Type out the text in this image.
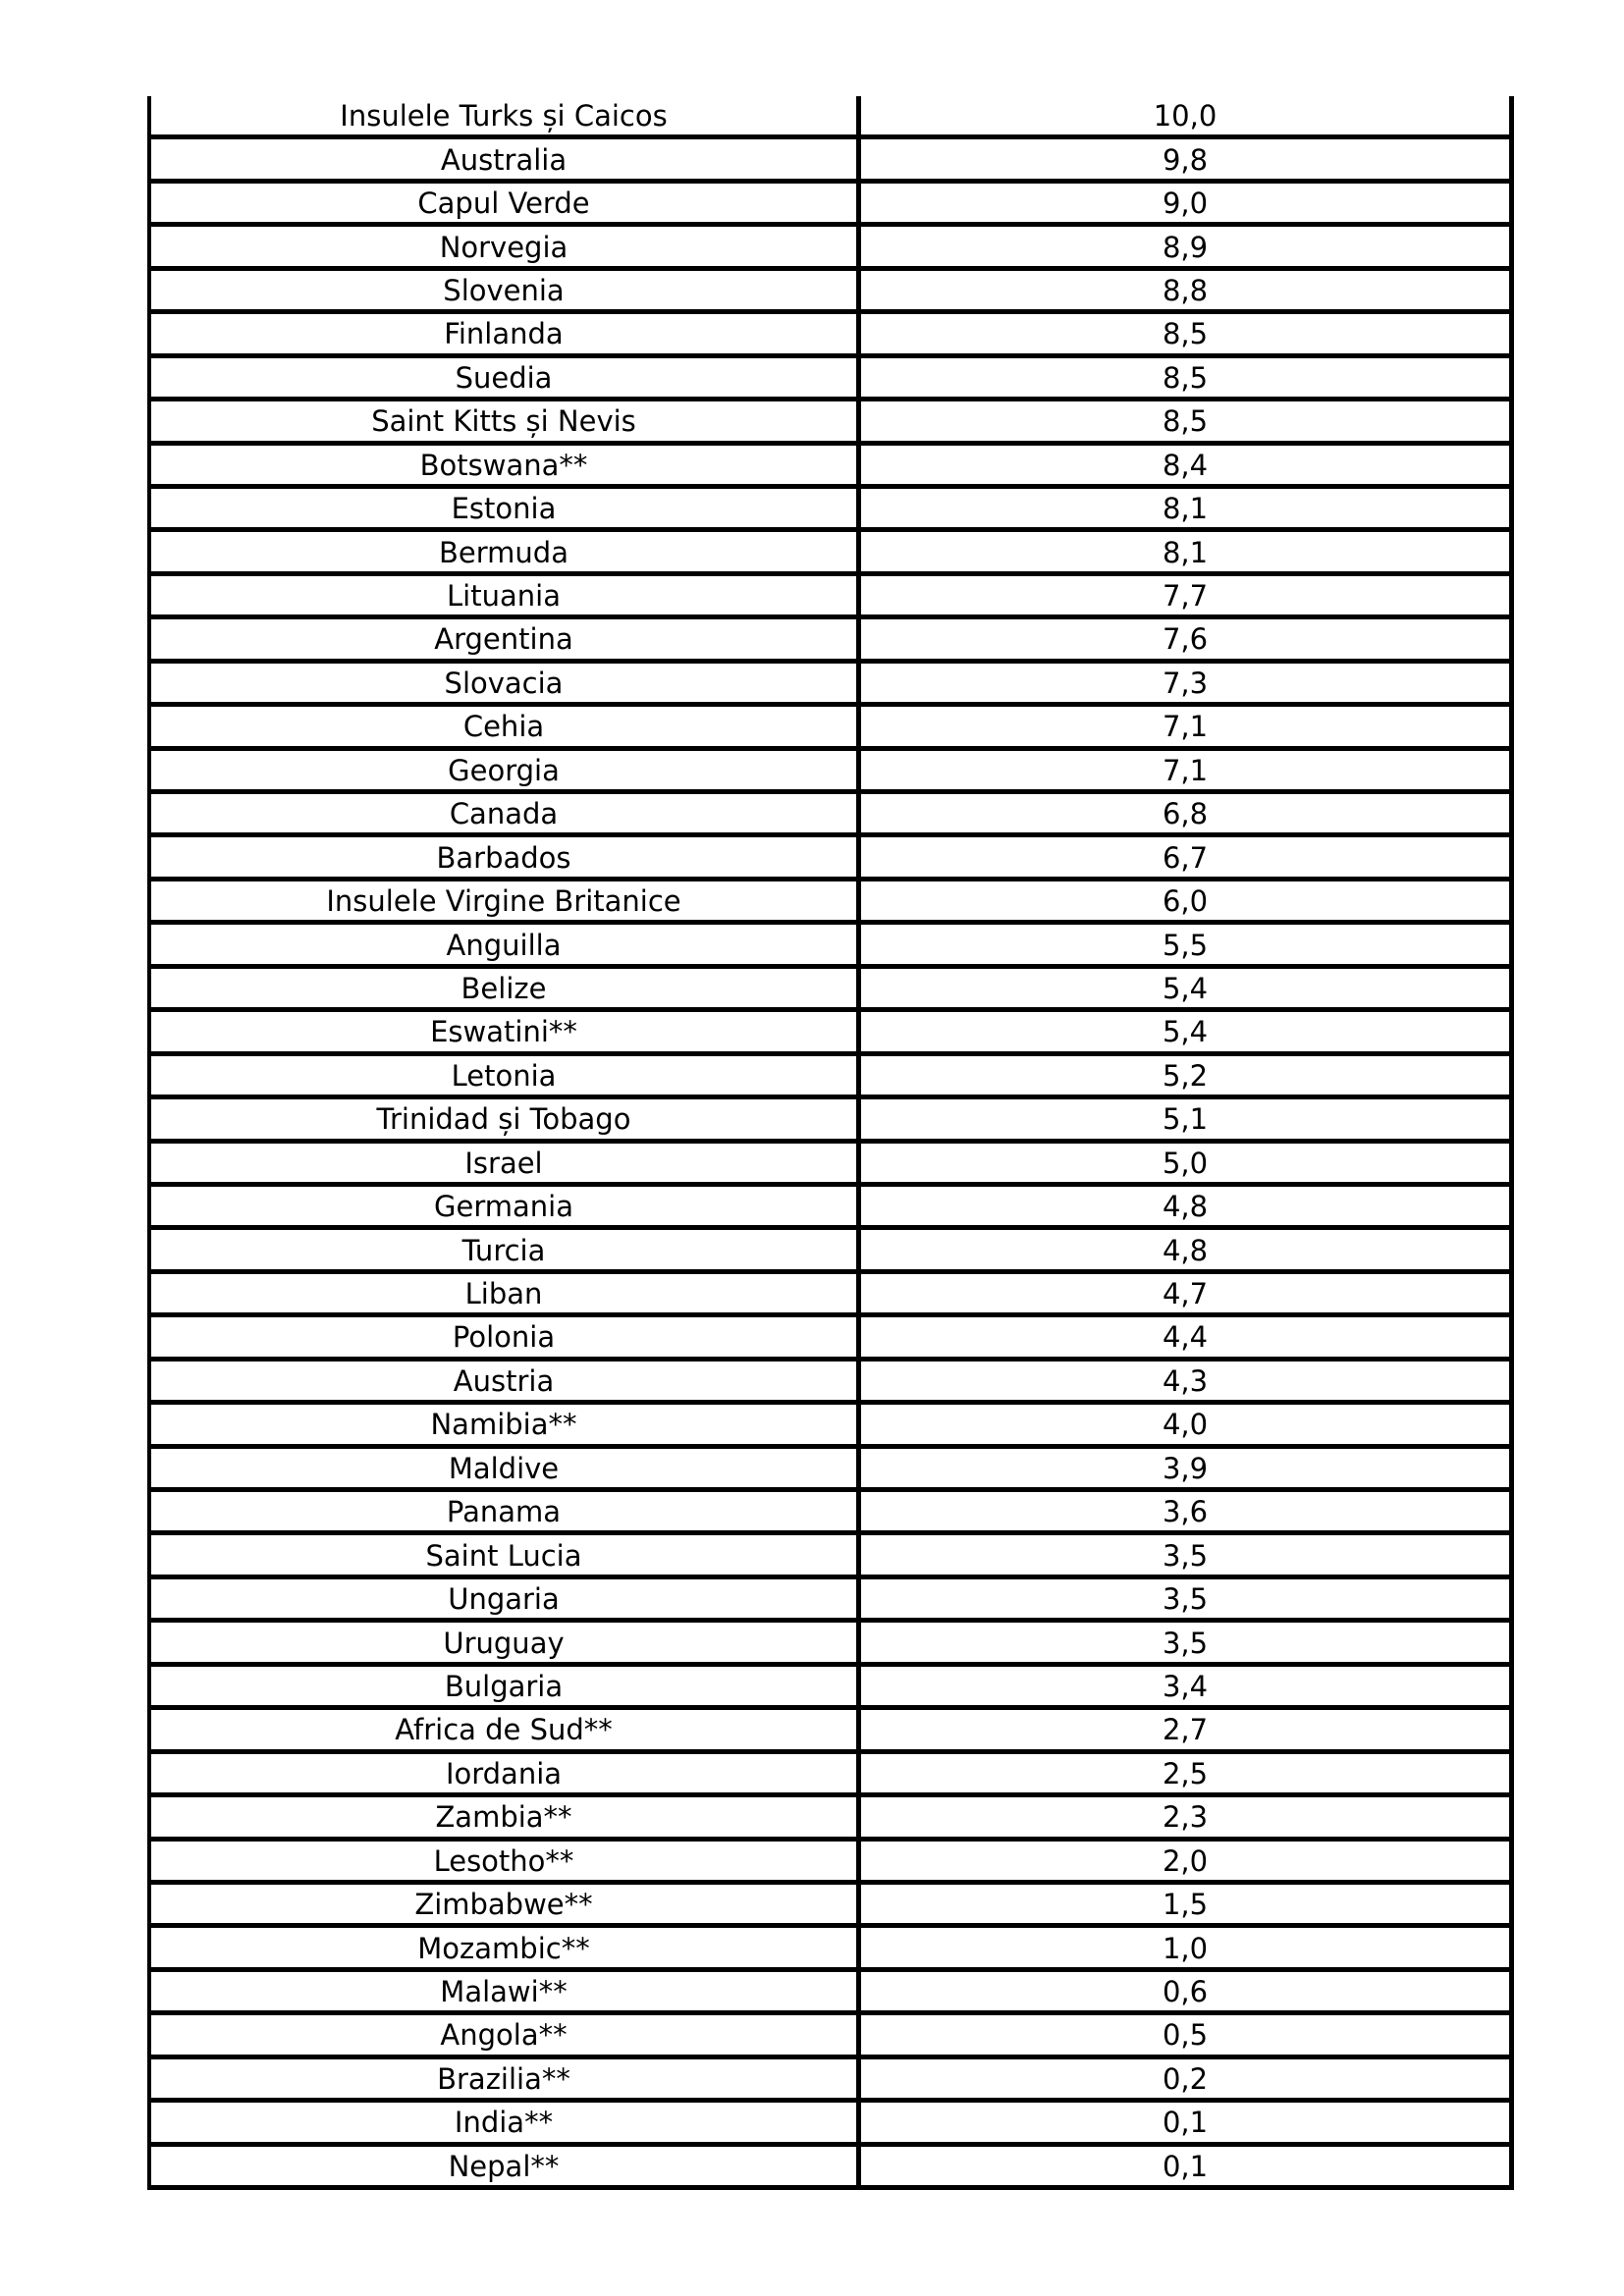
Insulele Turks și Caicos	10,0
Australia	9,8
Capul Verde	9,0
Norvegia	8,9
Slovenia	8,8
Finlanda	8,5
Suedia	8,5
Saint Kitts și Nevis	8,5
Botswana**	8,4
Estonia	8,1
Bermuda	8,1
Lituania	7,7
Argentina	7,6
Slovacia	7,3
Cehia	7,1
Georgia	7,1
Canada	6,8
Barbados	6,7
Insulele Virgine Britanice	6,0
Anguilla	5,5
Belize	5,4
Eswatini**	5,4
Letonia	5,2
Trinidad și Tobago	5,1
Israel	5,0
Germania	4,8
Turcia	4,8
Liban	4,7
Polonia	4,4
Austria	4,3
Namibia**	4,0
Maldive	3,9
Panama	3,6
Saint Lucia	3,5
Ungaria	3,5
Uruguay	3,5
Bulgaria	3,4
Africa de Sud**	2,7
Iordania	2,5
Zambia**	2,3
Lesotho**	2,0
Zimbabwe**	1,5
Mozambic**	1,0
Malawi**	0,6
Angola**	0,5
Brazilia**	0,2
India**	0,1
Nepal**	0,1
